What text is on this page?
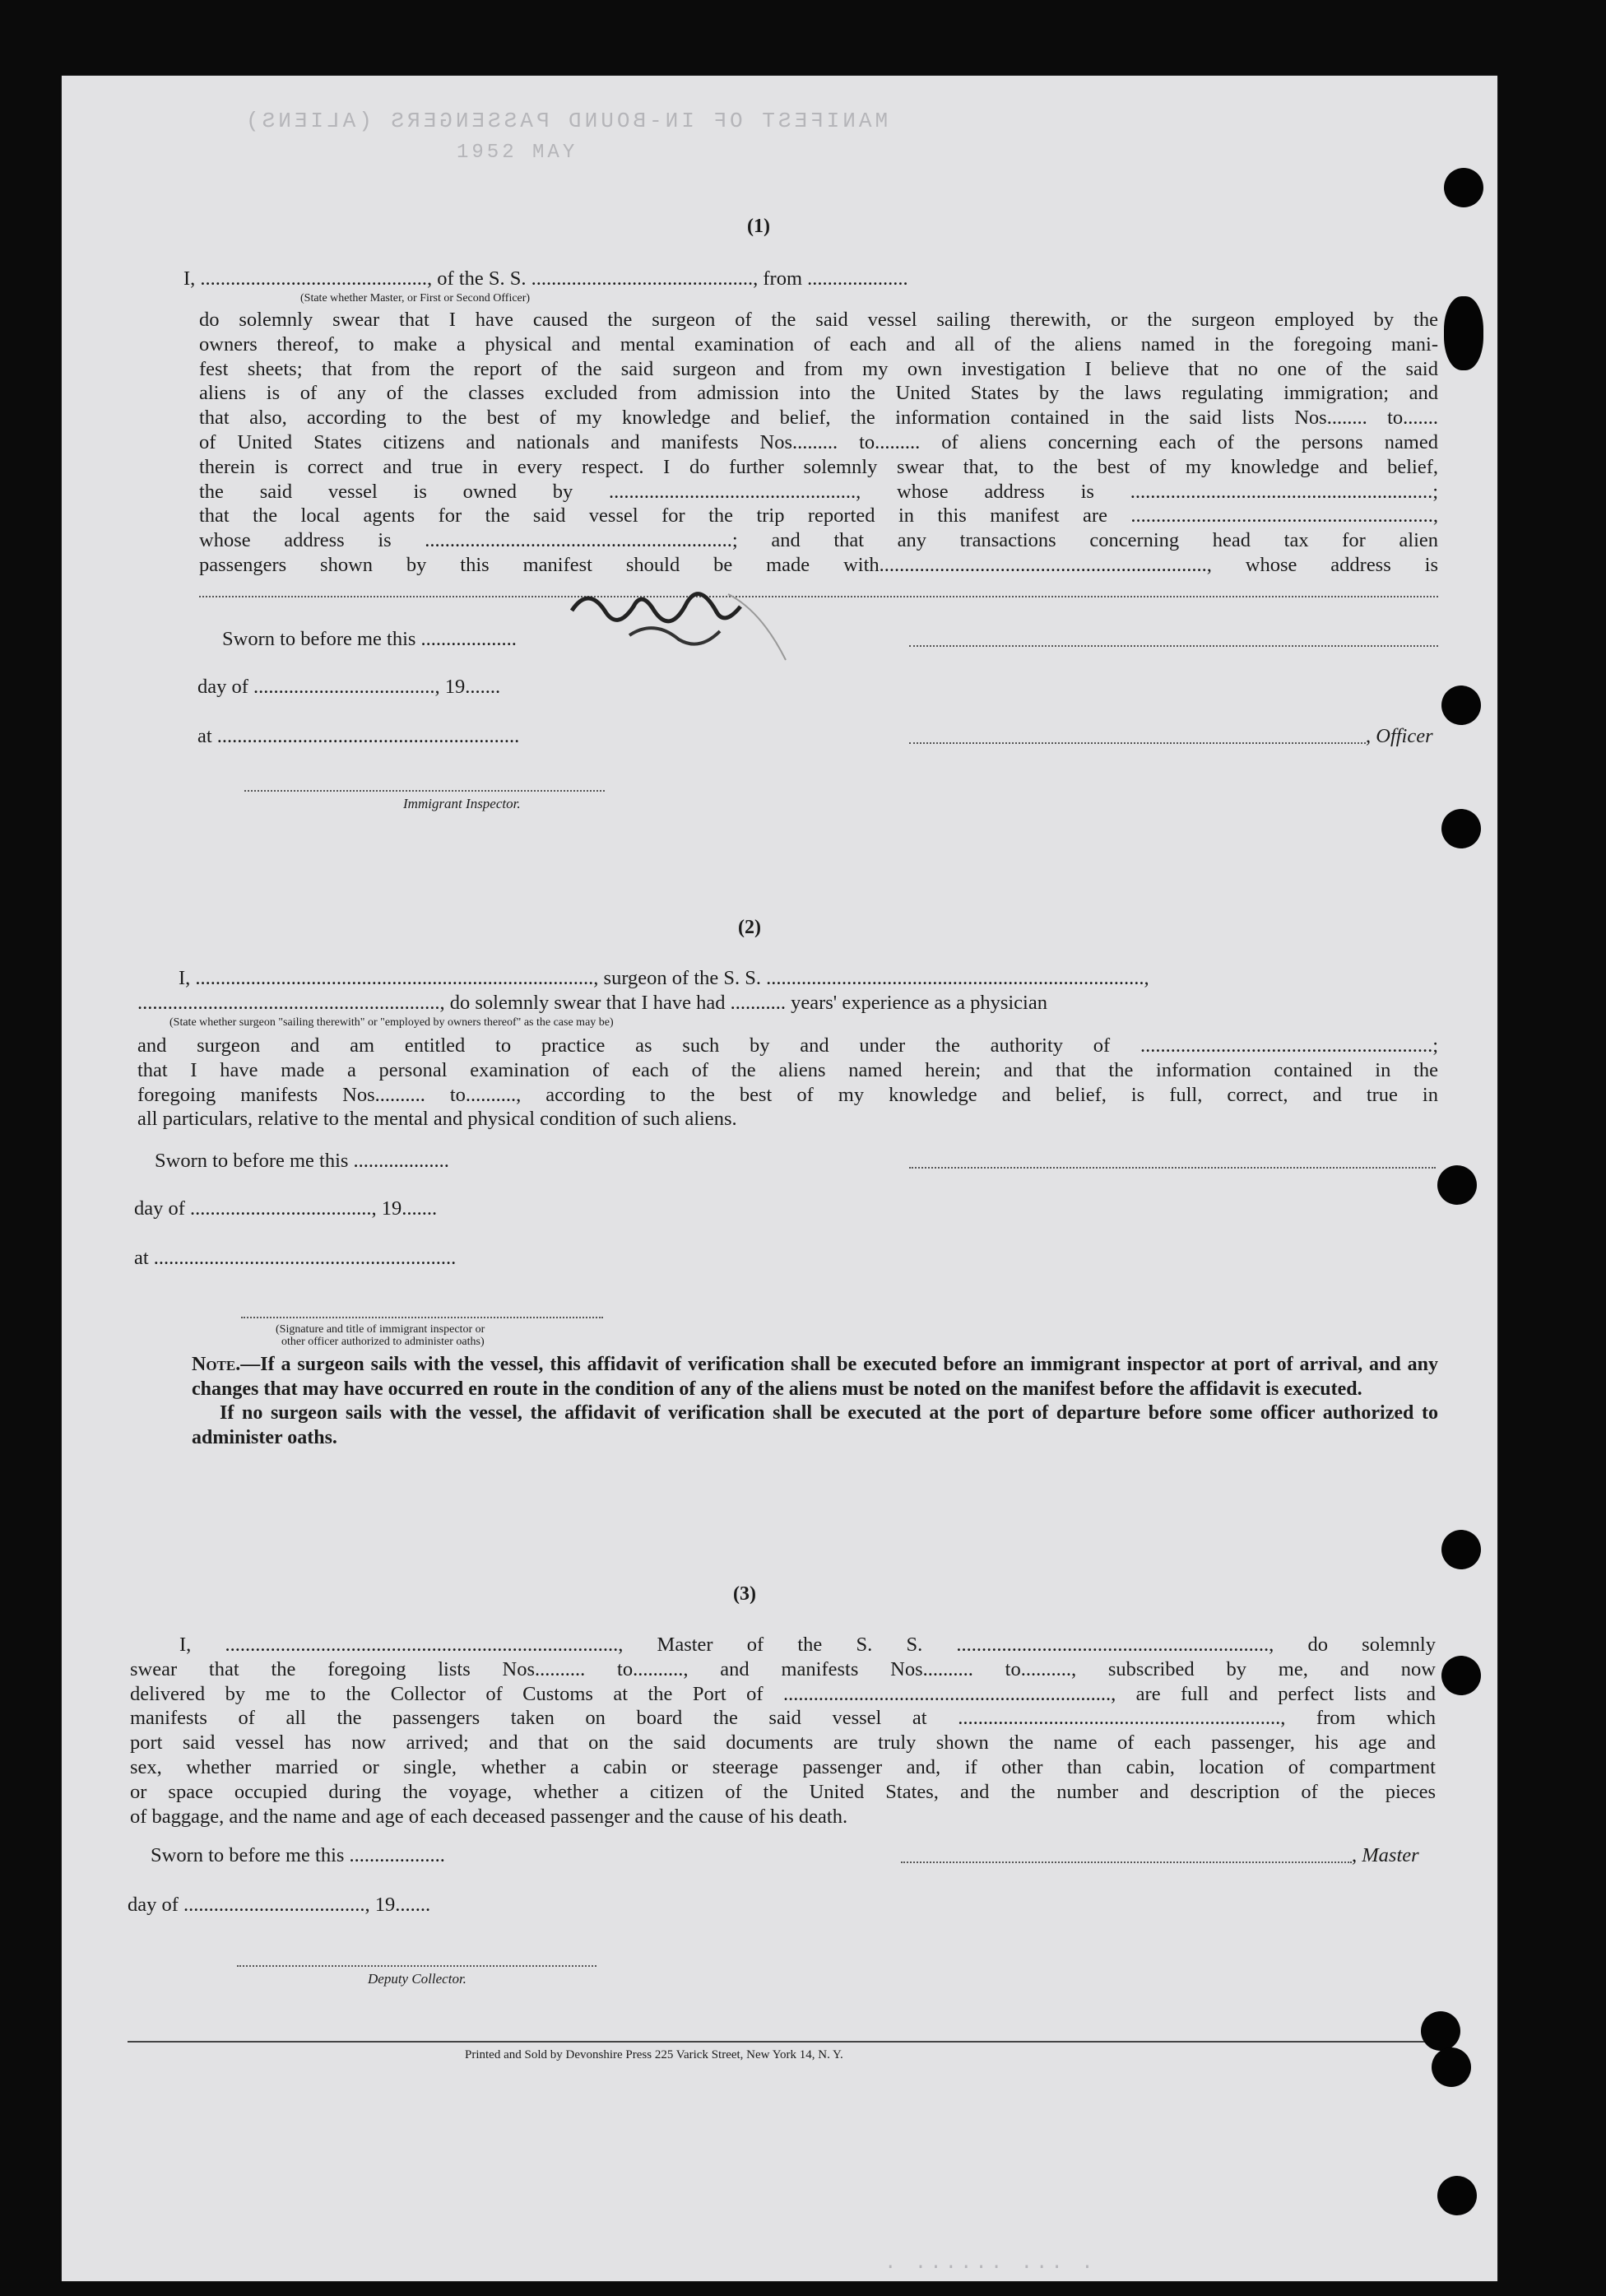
MANIFEST OF IN-BOUND PASSENGERS (ALIENS)
1952 MAY
(1)
I, ............................................., of the S. S. ............................................, from ....................
(State whether Master, or First or Second Officer)
do solemnly swear that I have caused the surgeon of the said vessel sailing therewith, or the surgeon employed by the
owners thereof, to make a physical and mental examination of each and all of the aliens named in the foregoing mani-
fest sheets; that from the report of the said surgeon and from my own investigation I believe that no one of the said
aliens is of any of the classes excluded from admission into the United States by the laws regulating immigration; and
that also, according to the best of my knowledge and belief, the information contained in the said lists Nos........ to.......
of United States citizens and nationals and manifests Nos......... to......... of aliens concerning each of the persons named
therein is correct and true in every respect. I do further solemnly swear that, to the best of my knowledge and belief,
the said vessel is owned by ................................................., whose address is ............................................................;
that the local agents for the said vessel for the trip reported in this manifest are ............................................................,
whose address is .............................................................; and that any transactions concerning head tax for alien
passengers shown by this manifest should be made with................................................................., whose address is
Sworn to before me this ...................
day of ...................................., 19.......
at ............................................................	, Officer
Immigrant Inspector.
(2)
I, ..............................................................................., surgeon of the S. S. ...........................................................................,
............................................................, do solemnly swear that I have had ........... years' experience as a physician
(State whether surgeon "sailing therewith" or "employed by owners thereof" as the case may be)
and surgeon and am entitled to practice as such by and under the authority of ..........................................................;
that I have made a personal examination of each of the aliens named herein; and that the information contained in the
foregoing manifests Nos.......... to.........., according to the best of my knowledge and belief, is full, correct, and true in
all particulars, relative to the mental and physical condition of such aliens.
Sworn to before me this ...................
day of ...................................., 19.......
at ............................................................
(Signature and title of immigrant inspector or
other officer authorized to administer oaths)

Note.—If a surgeon sails with the vessel, this affidavit of verification shall be executed before an immigrant inspector at port of arrival, and any changes that may have occurred en route in the condition of any of the aliens must be noted on the manifest before the affidavit is executed.

If no surgeon sails with the vessel, the affidavit of verification shall be executed at the port of departure before some officer authorized to administer oaths.

(3)
I, .............................................................................., Master of the S. S. .............................................................., do solemnly
swear that the foregoing lists Nos.......... to.........., and manifests Nos.......... to.........., subscribed by me, and now
delivered by me to the Collector of Customs at the Port of ................................................................., are full and perfect lists and
manifests of all the passengers taken on board the said vessel at ................................................................, from which
port said vessel has now arrived; and that on the said documents are truly shown the name of each passenger, his age and
sex, whether married or single, whether a cabin or steerage passenger and, if other than cabin, location of compartment
or space occupied during the voyage, whether a citizen of the United States, and the number and description of the pieces
of baggage, and the name and age of each deceased passenger and the cause of his death.
Sworn to before me this ...................	, Master
day of ...................................., 19.......
Deputy Collector.
Printed and Sold by Devonshire Press 225 Varick Street, New York 14, N. Y.
. ...... ... .
